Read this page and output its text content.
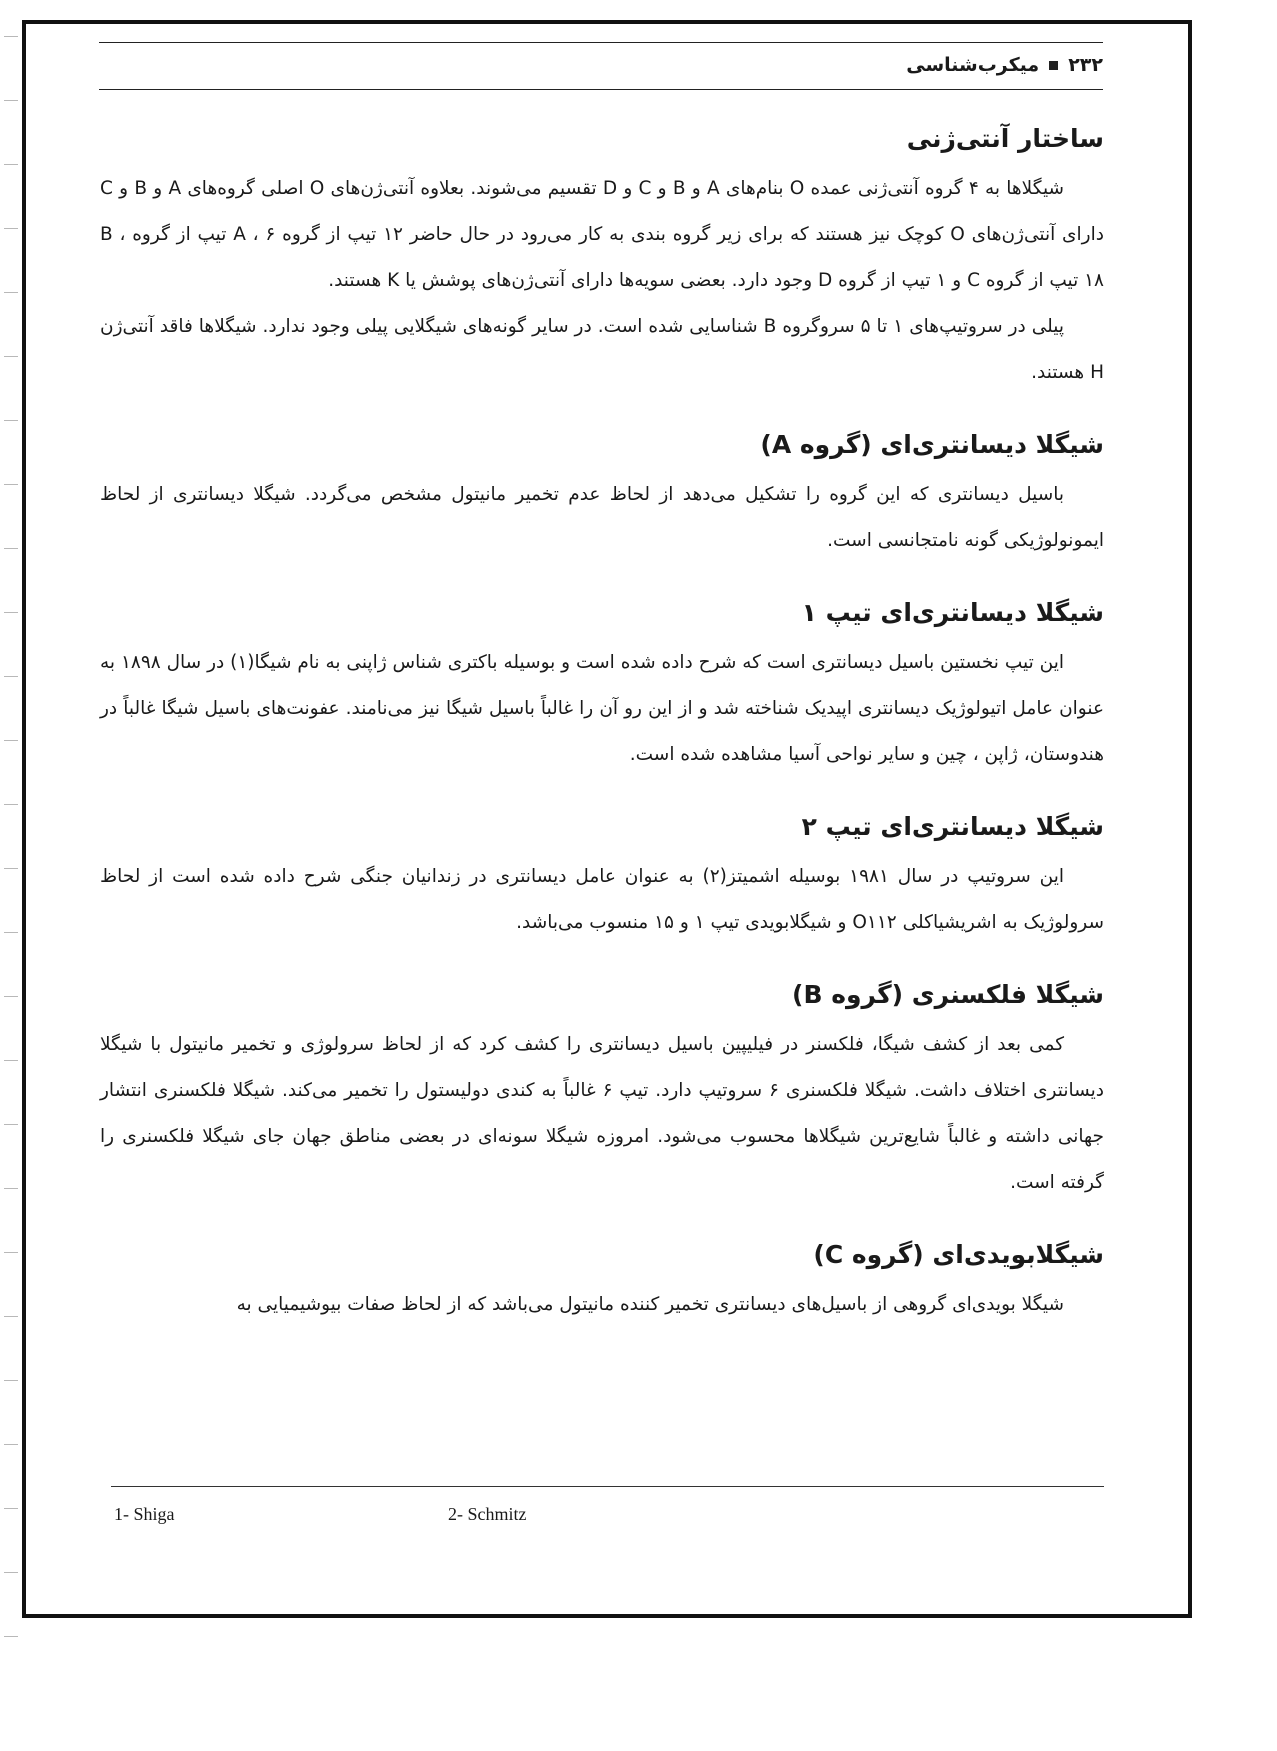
۲۳۲
میکرب‌شناسی
ساختار آنتی‌ژنی

شیگلاها به ۴ گروه آنتی‌ژنی عمده O بنام‌های A و B و C و D تقسیم می‌شوند. بعلاوه آنتی‌ژن‌های O اصلی گروه‌های A و B و C دارای آنتی‌ژن‌های O کوچک نیز هستند که برای زیر گروه بندی به کار می‌رود در حال حاضر ۱۲ تیپ از گروه A ، ۶ تیپ از گروه B ، ۱۸ تیپ از گروه C و ۱ تیپ از گروه D وجود دارد. بعضی سویه‌ها دارای آنتی‌ژن‌های پوشش یا K هستند.

پیلی در سروتیپ‌های ۱ تا ۵ سروگروه B شناسایی شده است. در سایر گونه‌های شیگلایی پیلی وجود ندارد. شیگلاها فاقد آنتی‌ژن H هستند.

شیگلا دیسانتری‌ای (گروه A)

باسیل دیسانتری که این گروه را تشکیل می‌دهد از لحاظ عدم تخمیر مانیتول مشخص می‌گردد. شیگلا دیسانتری از لحاظ ایمونولوژیکی گونه نامتجانسی است.

شیگلا دیسانتری‌ای تیپ ۱

این تیپ نخستین باسیل دیسانتری است که شرح داده شده است و بوسیله باکتری شناس ژاپنی به نام شیگا(۱) در سال ۱۸۹۸ به عنوان عامل اتیولوژیک دیسانتری اپیدیک شناخته شد و از این رو آن را غالباً باسیل شیگا نیز می‌نامند. عفونت‌های باسیل شیگا غالباً در هندوستان، ژاپن ، چین و سایر نواحی آسیا مشاهده شده است.

شیگلا دیسانتری‌ای تیپ ۲

این سروتیپ در سال ۱۹۸۱ بوسیله اشمیتز(۲) به عنوان عامل دیسانتری در زندانیان جنگی شرح داده شده است از لحاظ سرولوژیک به اشریشیاکلی O۱۱۲ و شیگلابویدی تیپ ۱ و ۱۵ منسوب می‌باشد.

شیگلا فلکسنری (گروه B)

کمی بعد از کشف شیگا، فلکسنر در فیلیپین باسیل دیسانتری را کشف کرد که از لحاظ سرولوژی و تخمیر مانیتول با شیگلا دیسانتری اختلاف داشت. شیگلا فلکسنری ۶ سروتیپ دارد. تیپ ۶ غالباً به کندی دولیستول را تخمیر می‌کند. شیگلا فلکسنری انتشار جهانی داشته و غالباً شایع‌ترین شیگلاها محسوب می‌شود. امروزه شیگلا سونه‌ای در بعضی مناطق جهان جای شیگلا فلکسنری را گرفته است.

شیگلابویدی‌ای (گروه C)

شیگلا بویدی‌ای گروهی از باسیل‌های دیسانتری تخمیر کننده مانیتول می‌باشد که از لحاظ صفات بیوشیمیایی به

1- Shiga	2- Schmitz
